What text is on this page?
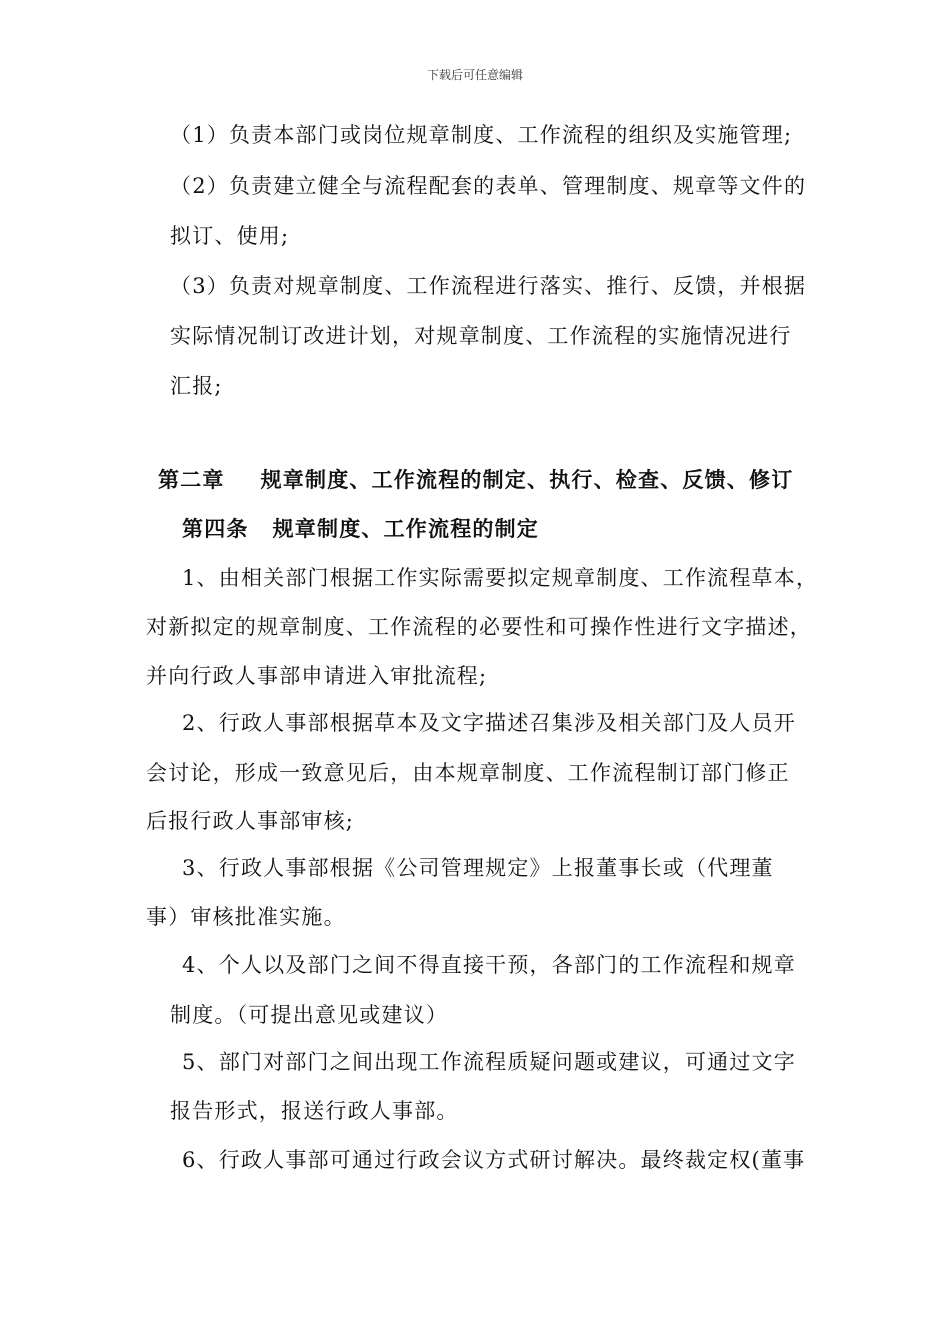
下载后可任意编辑
（1）负责本部门或岗位规章制度、工作流程的组织及实施管理;
（2）负责建立健全与流程配套的表单、管理制度、规章等文件的
拟订、使用;
（3）负责对规章制度、工作流程进行落实、推行、反馈，并根据
实际情况制订改进计划，对规章制度、工作流程的实施情况进行
汇报;
第二章 规章制度、工作流程的制定、执行、检查、反馈、修订
第四条 规章制度、工作流程的制定
1、由相关部门根据工作实际需要拟定规章制度、工作流程草本，
对新拟定的规章制度、工作流程的必要性和可操作性进行文字描述，
并向行政人事部申请进入审批流程;
2、行政人事部根据草本及文字描述召集涉及相关部门及人员开
会讨论，形成一致意见后，由本规章制度、工作流程制订部门修正
后报行政人事部审核;
3、行政人事部根据《公司管理规定》上报董事长或（代理董
事）审核批准实施。
4、个人以及部门之间不得直接干预，各部门的工作流程和规章
制度。（可提出意见或建议）
5、部门对部门之间出现工作流程质疑问题或建议，可通过文字
报告形式，报送行政人事部。
6、行政人事部可通过行政会议方式研讨解决。最终裁定权(董事
